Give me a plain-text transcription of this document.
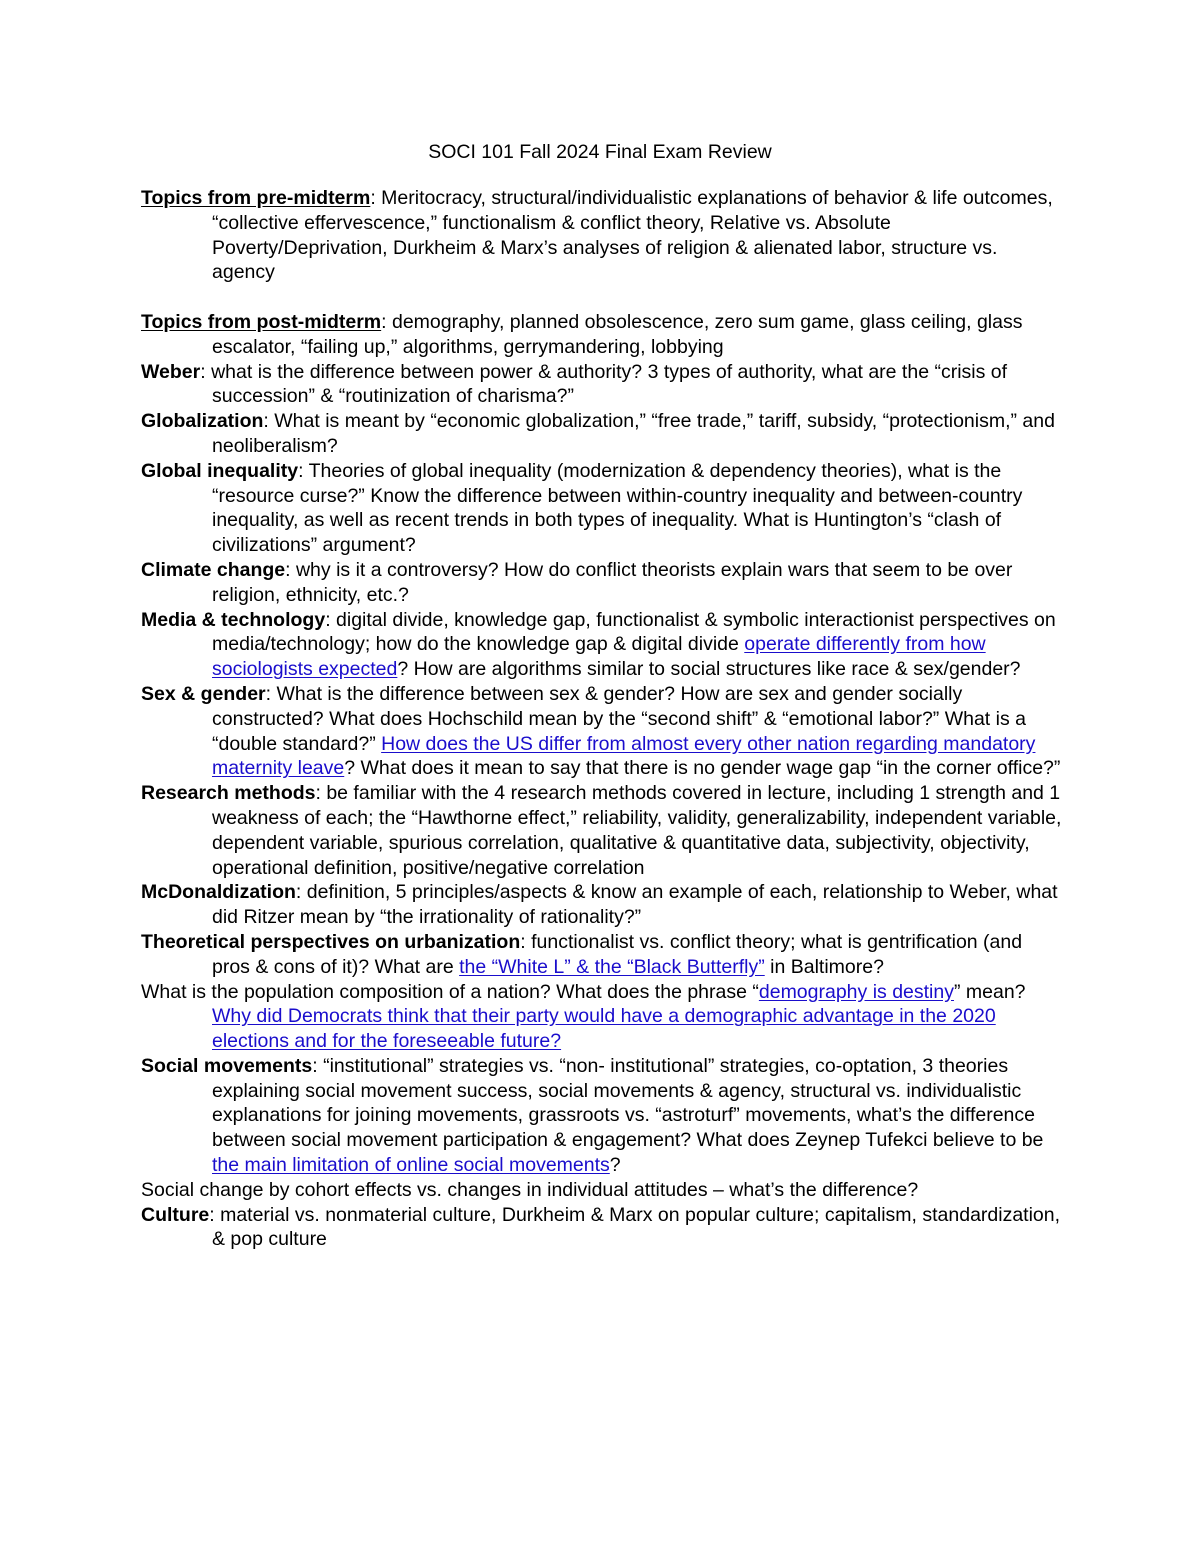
SOCI 101 Fall 2024 Final Exam Review

Topics from pre-midterm: Meritocracy, structural/individualistic explanations of behavior & life outcomes, “collective effervescence,” functionalism & conflict theory, Relative vs. Absolute Poverty/Deprivation, Durkheim & Marx’s analyses of religion & alienated labor, structure vs. agency

Topics from post-midterm: demography, planned obsolescence, zero sum game, glass ceiling, glass escalator, “failing up,” algorithms, gerrymandering, lobbying

Weber: what is the difference between power & authority? 3 types of authority, what are the “crisis of succession” & “routinization of charisma?”

Globalization: What is meant by “economic globalization,” “free trade,” tariff, subsidy, “protectionism,” and neoliberalism?

Global inequality: Theories of global inequality (modernization & dependency theories), what is the “resource curse?” Know the difference between within-country inequality and between-country inequality, as well as recent trends in both types of inequality. What is Huntington’s “clash of civilizations” argument?

Climate change: why is it a controversy? How do conflict theorists explain wars that seem to be over religion, ethnicity, etc.?

Media & technology: digital divide, knowledge gap, functionalist & symbolic interactionist perspectives on media/technology; how do the knowledge gap & digital divide operate differently from how sociologists expected? How are algorithms similar to social structures like race & sex/gender?

Sex & gender: What is the difference between sex & gender? How are sex and gender socially constructed? What does Hochschild mean by the “second shift” & “emotional labor?” What is a “double standard?” How does the US differ from almost every other nation regarding mandatory maternity leave? What does it mean to say that there is no gender wage gap “in the corner office?”

Research methods: be familiar with the 4 research methods covered in lecture, including 1 strength and 1 weakness of each; the “Hawthorne effect,” reliability, validity, generalizability, independent variable, dependent variable, spurious correlation, qualitative & quantitative data, subjectivity, objectivity, operational definition, positive/negative correlation

McDonaldization: definition, 5 principles/aspects & know an example of each, relationship to Weber, what did Ritzer mean by “the irrationality of rationality?”

Theoretical perspectives on urbanization: functionalist vs. conflict theory; what is gentrification (and pros & cons of it)? What are the “White L” & the “Black Butterfly” in Baltimore?

What is the population composition of a nation? What does the phrase “demography is destiny” mean? Why did Democrats think that their party would have a demographic advantage in the 2020 elections and for the foreseeable future?

Social movements: “institutional” strategies vs. “non- institutional” strategies, co-optation, 3 theories explaining social movement success, social movements & agency, structural vs. individualistic explanations for joining movements, grassroots vs. “astroturf” movements, what’s the difference between social movement participation & engagement? What does Zeynep Tufekci believe to be the main limitation of online social movements?

Social change by cohort effects vs. changes in individual attitudes – what’s the difference?

Culture: material vs. nonmaterial culture, Durkheim & Marx on popular culture; capitalism, standardization, & pop culture
